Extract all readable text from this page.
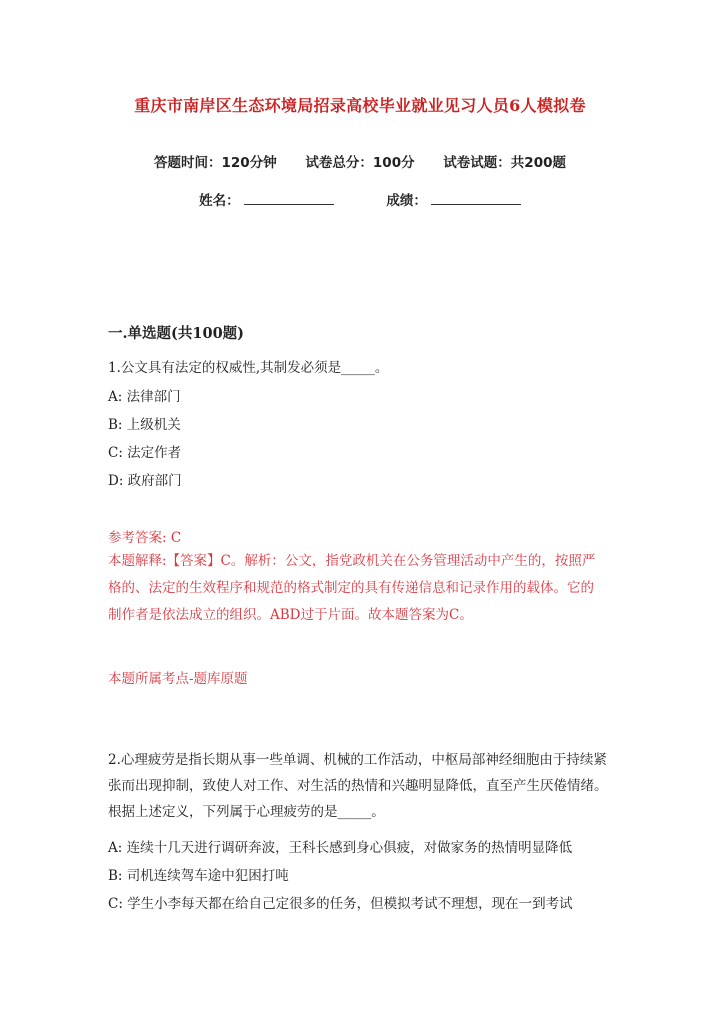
重庆市南岸区生态环境局招录高校毕业就业见习人员6人模拟卷
答题时间：120分钟 试卷总分：100分 试卷试题：共200题
姓名：	成绩：
一.单选题(共100题)
1.公文具有法定的权威性,其制发必须是_____。
A: 法律部门
B: 上级机关
C: 法定作者
D: 政府部门
参考答案: C
本题解释:【答案】C。解析：公文，指党政机关在公务管理活动中产生的，按照严格的、法定的生效程序和规范的格式制定的具有传递信息和记录作用的载体。它的制作者是依法成立的组织。ABD过于片面。故本题答案为C。
本题所属考点-题库原题
2.心理疲劳是指长期从事一些单调、机械的工作活动，中枢局部神经细胞由于持续紧张而出现抑制，致使人对工作、对生活的热情和兴趣明显降低，直至产生厌倦情绪。根据上述定义，下列属于心理疲劳的是_____。
A: 连续十几天进行调研奔波，王科长感到身心俱疲，对做家务的热情明显降低
B: 司机连续驾车途中犯困打吨
C: 学生小李每天都在给自己定很多的任务，但模拟考试不理想，现在一到考试
